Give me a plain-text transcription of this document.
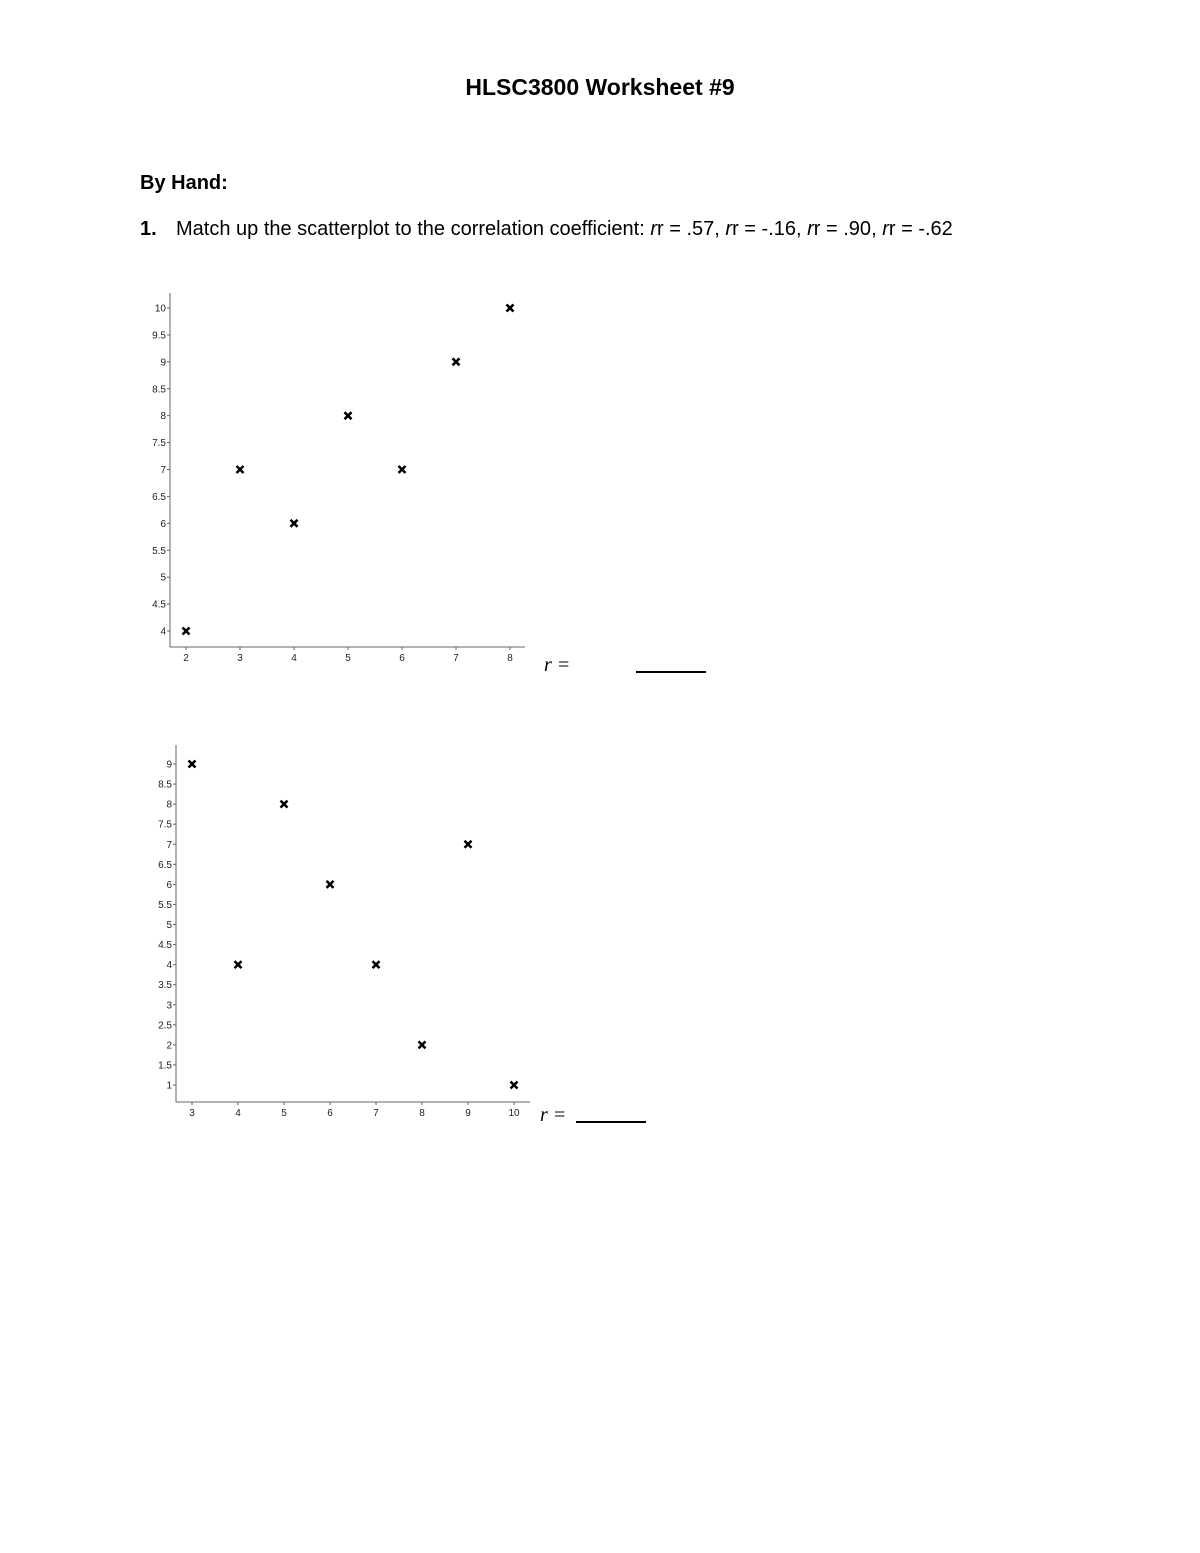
HLSC3800 Worksheet #9
By Hand:
1. Match up the scatterplot to the correlation coefficient: rr = .57, rr = -.16, rr = .90, rr = -.62
4
4.5
5
5.5
6
6.5
7
7.5
8
8.5
9
9.5
10
2	3	4	5	6	7	8 r =
1
1.5
2
2.5
3
3.5
4
4.5
5
5.5
6
6.5
7
7.5
8
8.5
9
3	4	5	6	7	8	9	10 r =
